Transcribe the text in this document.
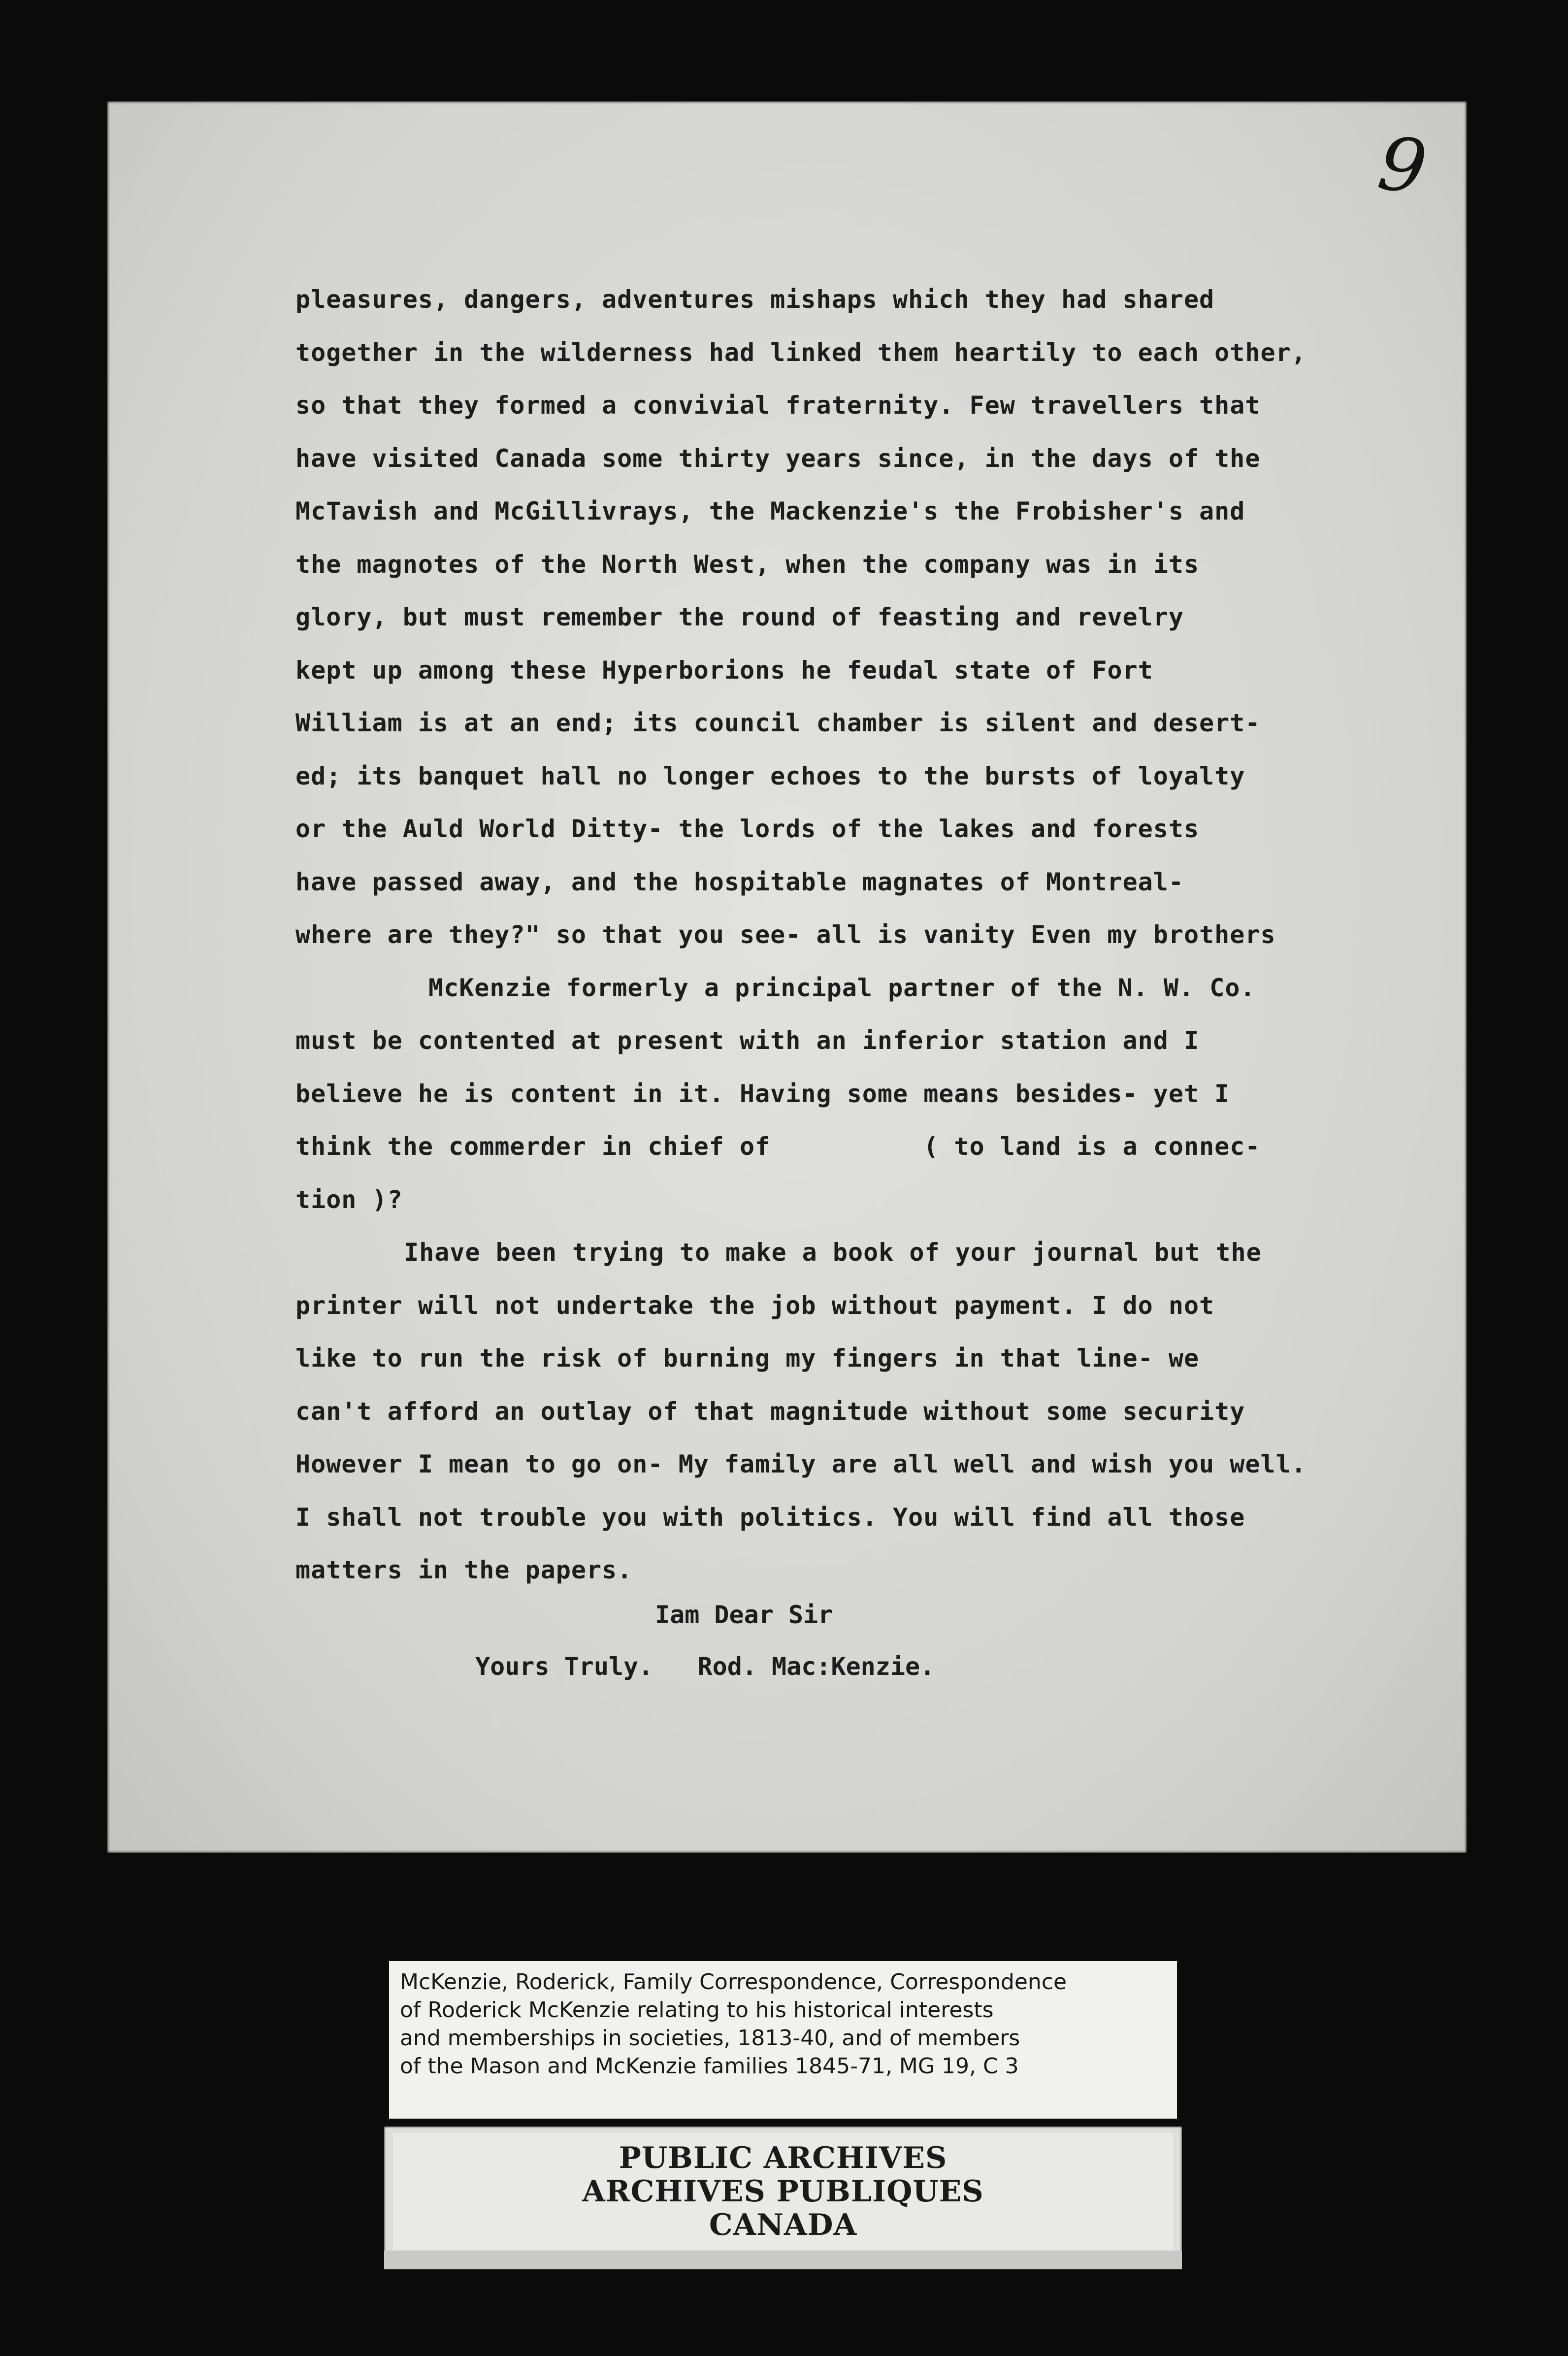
9
pleasures, dangers, adventures mishaps which they had shared
together in the wilderness had linked them heartily to each other,
so that they formed a convivial fraternity. Few travellers that
have visited Canada some thirty years since, in the days of the
McTavish and McGillivrays, the Mackenzie's the Frobisher's and
the magnotes of the North West, when the company was in its
glory, but must remember the round of feasting and revelry
kept up among these Hyperborions he feudal state of Fort
William is at an end; its council chamber is silent and desert-
ed; its banquet hall no longer echoes to the bursts of loyalty
or the Auld World Ditty- the lords of the lakes and forests
have passed away, and the hospitable magnates of Montreal-
where are they?" so that you see- all is vanity Even my brothers
McKenzie formerly a principal partner of the N. W. Co.
must be contented at present with an inferior station and I
believe he is content in it. Having some means besides- yet I
think the commerder in chief of          ( to land is a connec-
tion )?
Ihave been trying to make a book of your journal but the
printer will not undertake the job without payment. I do not
like to run the risk of burning my fingers in that line- we
can't afford an outlay of that magnitude without some security
However I mean to go on- My family are all well and wish you well.
I shall not trouble you with politics. You will find all those
matters in the papers.
Iam Dear Sir
Yours Truly.   Rod. Mac:Kenzie.
McKenzie, Roderick, Family Correspondence, Correspondence
of Roderick McKenzie relating to his historical interests
and memberships in societies, 1813-40, and of members
of the Mason and McKenzie families 1845-71, MG 19, C 3
PUBLIC ARCHIVES
ARCHIVES PUBLIQUES
CANADA
